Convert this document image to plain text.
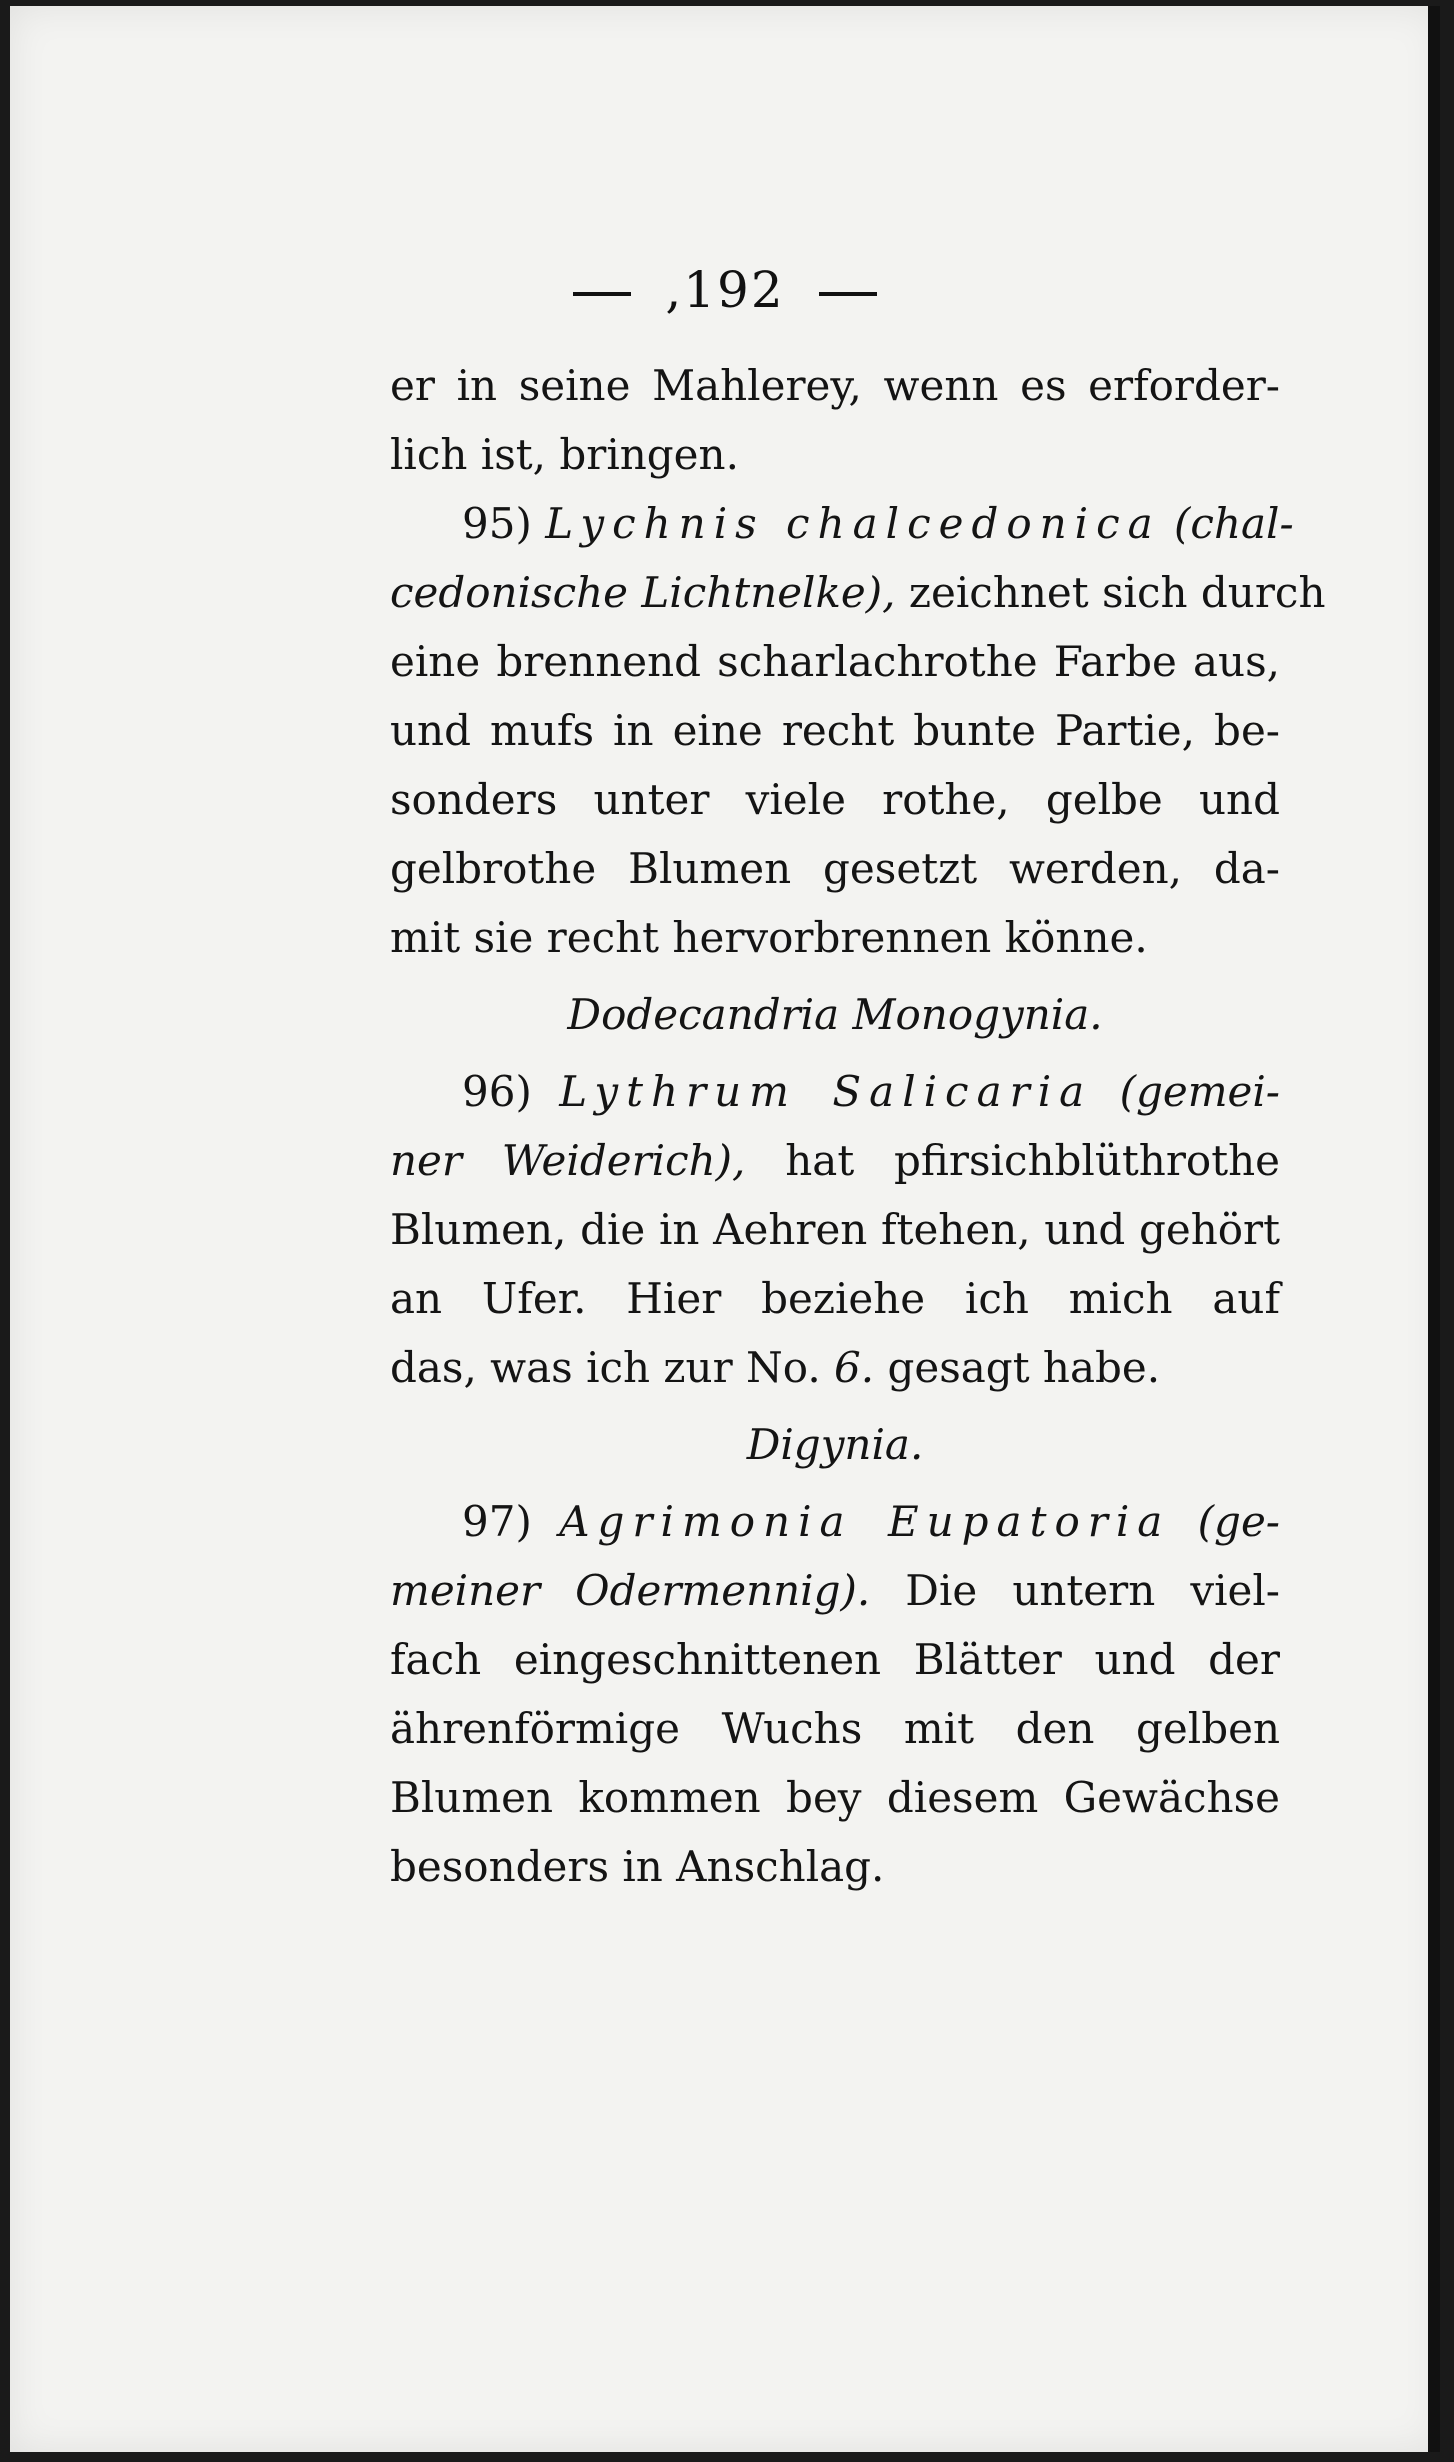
,192
er in seine Mahlerey, wenn es erforder-
lich ist, bringen.
95) Lychnis chalcedonica (chal-
cedonische Lichtnelke), zeichnet sich durch
eine brennend scharlachrothe Farbe aus,
und mufs in eine recht bunte Partie, be-
sonders unter viele rothe, gelbe und
gelbrothe Blumen gesetzt werden, da-
mit sie recht hervorbrennen könne.
Dodecandria Monogynia.
96) Lythrum Salicaria (gemei-
ner Weiderich), hat pfirsichblüthrothe
Blumen, die in Aehren ftehen, und gehört
an Ufer. Hier beziehe ich mich auf
das, was ich zur No. 6. gesagt habe.
Digynia.
97) Agrimonia Eupatoria (ge-
meiner Odermennig). Die untern viel-
fach eingeschnittenen Blätter und der
ährenförmige Wuchs mit den gelben
Blumen kommen bey diesem Gewächse
besonders in Anschlag.
